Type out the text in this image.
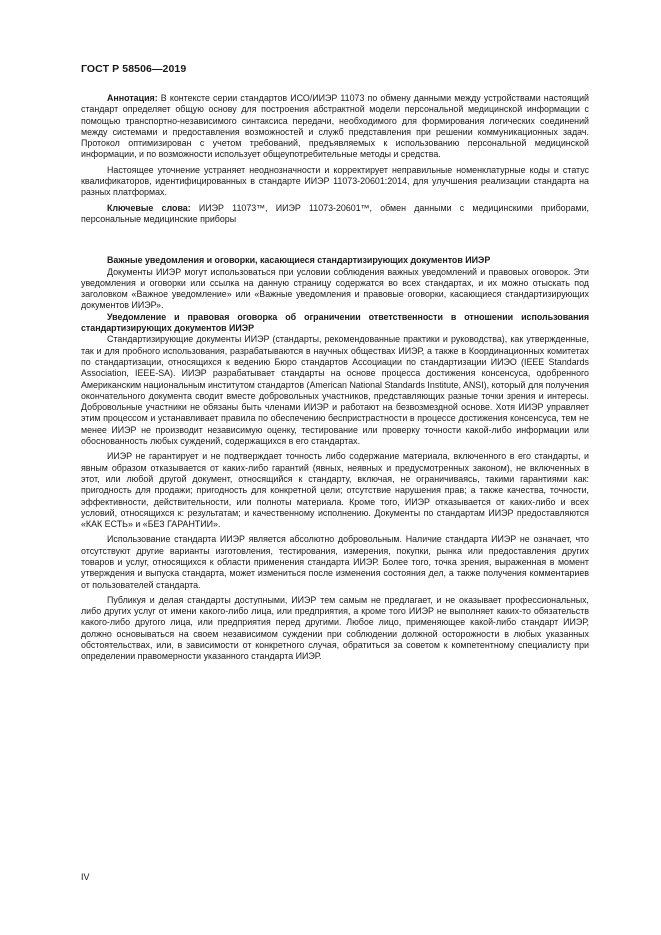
ГОСТ Р 58506—2019

Аннотация: В контексте серии стандартов ИСО/ИИЭР 11073 по обмену данными между устройствами настоящий стандарт определяет общую основу для построения абстрактной модели персональной медицинской информации с помощью транспортно-независимого синтаксиса передачи, необходимого для формирования логических соединений между системами и предоставления возможностей и служб представления при решении коммуникационных задач. Протокол оптимизирован с учетом требований, предъявляемых к использованию персональной медицинской информации, и по возможности использует общеупотребительные методы и средства.

Настоящее уточнение устраняет неоднозначности и корректирует неправильные номенклатурные коды и статус квалификаторов, идентифицированных в стандарте ИИЭР 11073-20601:2014, для улучшения реализации стандарта на разных платформах.

Ключевые слова: ИИЭР 11073™, ИИЭР 11073-20601™, обмен данными с медицинскими приборами, персональные медицинские приборы

Важные уведомления и оговорки, касающиеся стандартизирующих документов ИИЭР

Документы ИИЭР могут использоваться при условии соблюдения важных уведомлений и правовых оговорок. Эти уведомления и оговорки или ссылка на данную страницу содержатся во всех стандартах, и их можно отыскать под заголовком «Важное уведомление» или «Важные уведомления и правовые оговорки, касающиеся стандартизирующих документов ИИЭР».

Уведомление и правовая оговорка об ограничении ответственности в отношении использования стандартизирующих документов ИИЭР

Стандартизирующие документы ИИЭР (стандарты, рекомендованные практики и руководства), как утвержденные, так и для пробного использования, разрабатываются в научных обществах ИИЭР, а также в Координационных комитетах по стандартизации, относящихся к ведению Бюро стандартов Ассоциации по стандартизации ИИЭО (IEEE Standards Association, IEEE-SA). ИИЭР разрабатывает стандарты на основе процесса достижения консенсуса, одобренного Американским национальным институтом стандартов (American National Standards Institute, ANSI), который для получения окончательного документа сводит вместе добровольных участников, представляющих разные точки зрения и интересы. Добровольные участники не обязаны быть членами ИИЭР и работают на безвозмездной основе. Хотя ИИЭР управляет этим процессом и устанавливает правила по обеспечению беспристрастности в процессе достижения консенсуса, тем не менее ИИЭР не производит независимую оценку, тестирование или проверку точности какой-либо информации или обоснованность любых суждений, содержащихся в его стандартах.

ИИЭР не гарантирует и не подтверждает точность либо содержание материала, включенного в его стандарты, и явным образом отказывается от каких-либо гарантий (явных, неявных и предусмотренных законом), не включенных в этот, или любой другой документ, относящийся к стандарту, включая, не ограничиваясь, такими гарантиями как: пригодность для продажи; пригодность для конкретной цели; отсутствие нарушения прав; а также качества, точности, эффективности, действительности, или полноты материала. Кроме того, ИИЭР отказывается от каких-либо и всех условий, относящихся к: результатам; и качественному исполнению. Документы по стандартам ИИЭР предоставляются «КАК ЕСТЬ» и «БЕЗ ГАРАНТИИ».

Использование стандарта ИИЭР является абсолютно добровольным. Наличие стандарта ИИЭР не означает, что отсутствуют другие варианты изготовления, тестирования, измерения, покупки, рынка или предоставления других товаров и услуг, относящихся к области применения стандарта ИИЭР. Более того, точка зрения, выраженная в момент утверждения и выпуска стандарта, может измениться после изменения состояния дел, а также получения комментариев от пользователей стандарта.

Публикуя и делая стандарты доступными, ИИЭР тем самым не предлагает, и не оказывает профессиональных, либо других услуг от имени какого-либо лица, или предприятия, а кроме того ИИЭР не выполняет каких-то обязательств какого-либо другого лица, или предприятия перед другими. Любое лицо, применяющее какой-либо стандарт ИИЭР, должно основываться на своем независимом суждении при соблюдении должной осторожности в любых указанных обстоятельствах, или, в зависимости от конкретного случая, обратиться за советом к компетентному специалисту при определении правомерности указанного стандарта ИИЭР.

IV
